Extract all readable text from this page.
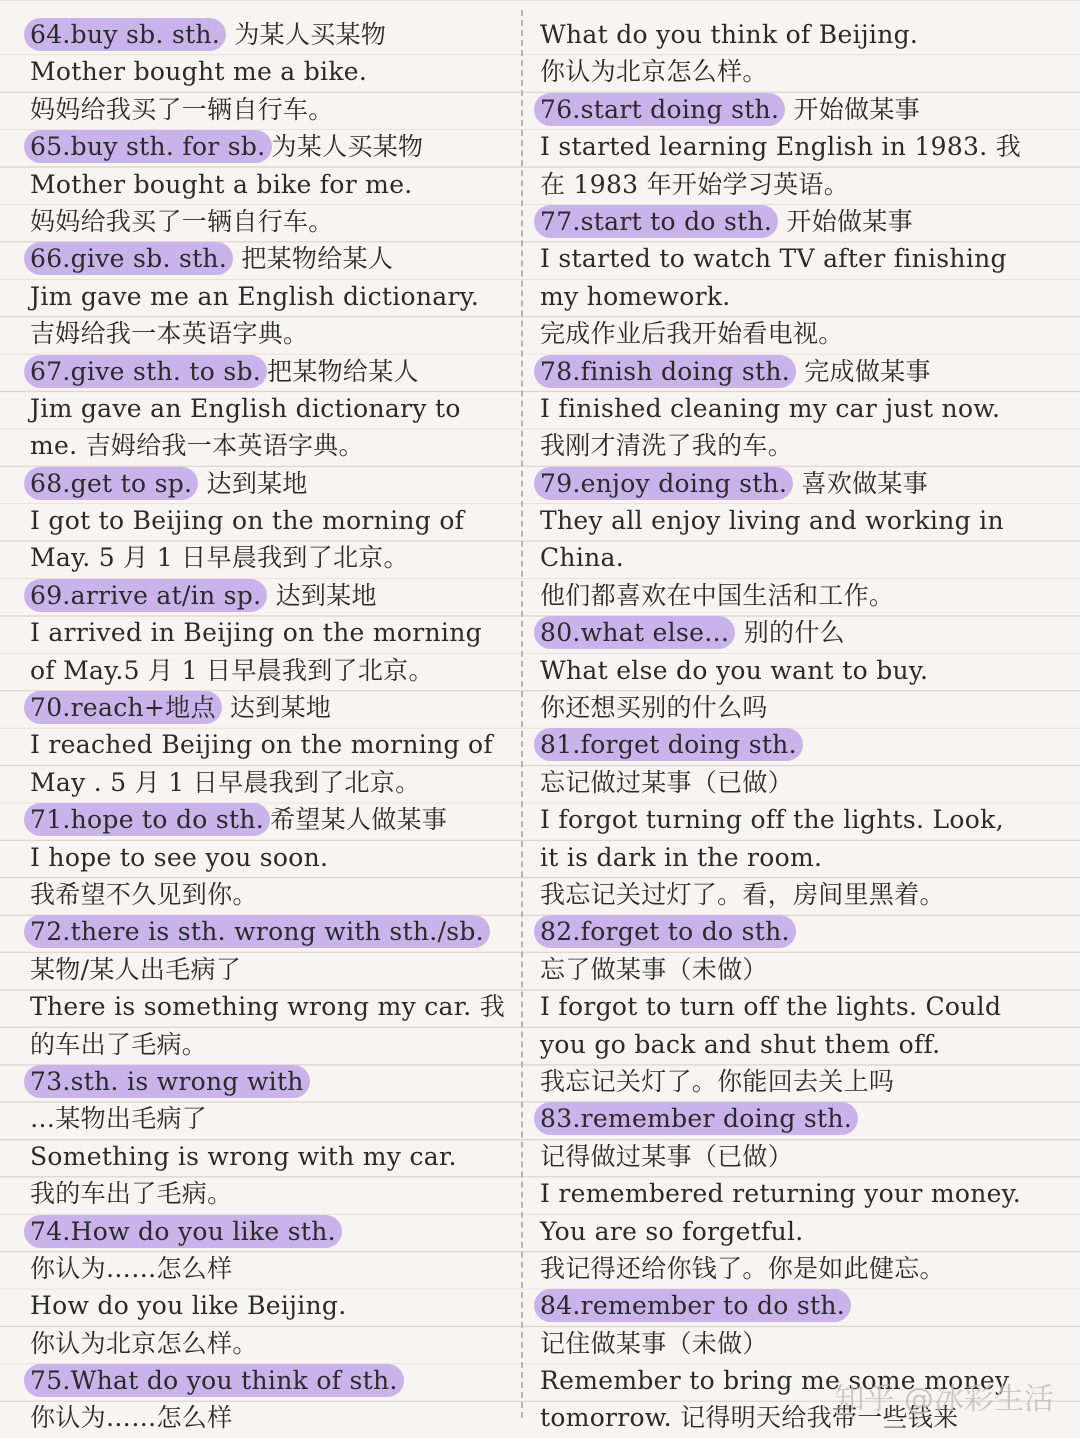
64.buy sb. sth. 为某人买某物
Mother bought me a bike.
妈妈给我买了一辆自行车。
65.buy sth. for sb. 为某人买某物
Mother bought a bike for me.
妈妈给我买了一辆自行车。
66.give sb. sth. 把某物给某人
Jim gave me an English dictionary.
吉姆给我一本英语字典。
67.give sth. to sb. 把某物给某人
Jim gave an English dictionary to
me. 吉姆给我一本英语字典。
68.get to sp. 达到某地
I got to Beijing on the morning of
May. 5 月 1 日早晨我到了北京。
69.arrive at/in sp. 达到某地
I arrived in Beijing on the morning
of May.5 月 1 日早晨我到了北京。
70.reach+地点 达到某地
I reached Beijing on the morning of
May . 5 月 1 日早晨我到了北京。
71.hope to do sth. 希望某人做某事
I hope to see you soon.
我希望不久见到你。
72.there is sth. wrong with sth./sb.
某物/某人出毛病了
There is something wrong my car. 我
的车出了毛病。
73.sth. is wrong with
…某物出毛病了
Something is wrong with my car.
我的车出了毛病。
74.How do you like sth.
你认为……怎么样
How do you like Beijing.
你认为北京怎么样。
75.What do you think of sth.
你认为……怎么样
What do you think of Beijing.
你认为北京怎么样。
76.start doing sth. 开始做某事
I started learning English in 1983. 我
在 1983 年开始学习英语。
77.start to do sth. 开始做某事
I started to watch TV after finishing
my homework.
完成作业后我开始看电视。
78.finish doing sth. 完成做某事
I finished cleaning my car just now.
我刚才清洗了我的车。
79.enjoy doing sth. 喜欢做某事
They all enjoy living and working in
China.
他们都喜欢在中国生活和工作。
80.what else… 别的什么
What else do you want to buy.
你还想买别的什么吗
81.forget doing sth.
忘记做过某事（已做）
I forgot turning off the lights. Look,
it is dark in the room.
我忘记关过灯了。看，房间里黑着。
82.forget to do sth.
忘了做某事（未做）
I forgot to turn off the lights. Could
you go back and shut them off.
我忘记关灯了。你能回去关上吗
83.remember doing sth.
记得做过某事（已做）
I remembered returning your money.
You are so forgetful.
我记得还给你钱了。你是如此健忘。
84.remember to do sth.
记住做某事（未做）
Remember to bring me some money
tomorrow. 记得明天给我带一些钱来
知乎 @冰彩生活
